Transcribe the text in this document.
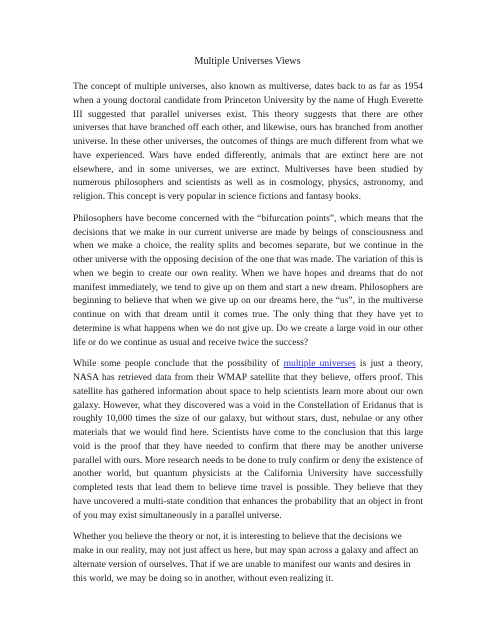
Multiple Universes Views

The concept of multiple universes, also known as multiverse, dates back to as far as 1954 when a young doctoral candidate from Princeton University by the name of Hugh Everette III suggested that parallel universes exist. This theory suggests that there are other universes that have branched off each other, and likewise, ours has branched from another universe. In these other universes, the outcomes of things are much different from what we have experienced. Wars have ended differently, animals that are extinct here are not elsewhere, and in some universes, we are extinct. Multiverses have been studied by numerous philosophers and scientists as well as in cosmology, physics, astronomy, and religion. This concept is very popular in science fictions and fantasy books.

Philosophers have become concerned with the “bifurcation points”, which means that the decisions that we make in our current universe are made by beings of consciousness and when we make a choice, the reality splits and becomes separate, but we continue in the other universe with the opposing decision of the one that was made. The variation of this is when we begin to create our own reality. When we have hopes and dreams that do not manifest immediately, we tend to give up on them and start a new dream. Philosophers are beginning to believe that when we give up on our dreams here, the “us”, in the multiverse continue on with that dream until it comes true. The only thing that they have yet to determine is what happens when we do not give up. Do we create a large void in our other life or do we continue as usual and receive twice the success?

While some people conclude that the possibility of multiple universes is just a theory, NASA has retrieved data from their WMAP satellite that they believe, offers proof. This satellite has gathered information about space to help scientists learn more about our own galaxy. However, what they discovered was a void in the Constellation of Eridanus that is roughly 10,000 times the size of our galaxy, but without stars, dust, nebulae or any other materials that we would find here. Scientists have come to the conclusion that this large void is the proof that they have needed to confirm that there may be another universe parallel with ours. More research needs to be done to truly confirm or deny the existence of another world, but quantum physicists at the California University have successfully completed tests that lead them to believe time travel is possible. They believe that they have uncovered a multi-state condition that enhances the probability that an object in front of you may exist simultaneously in a parallel universe.

Whether you believe the theory or not, it is interesting to believe that the decisions we make in our reality, may not just affect us here, but may span across a galaxy and affect an alternate version of ourselves. That if we are unable to manifest our wants and desires in this world, we may be doing so in another, without even realizing it.
